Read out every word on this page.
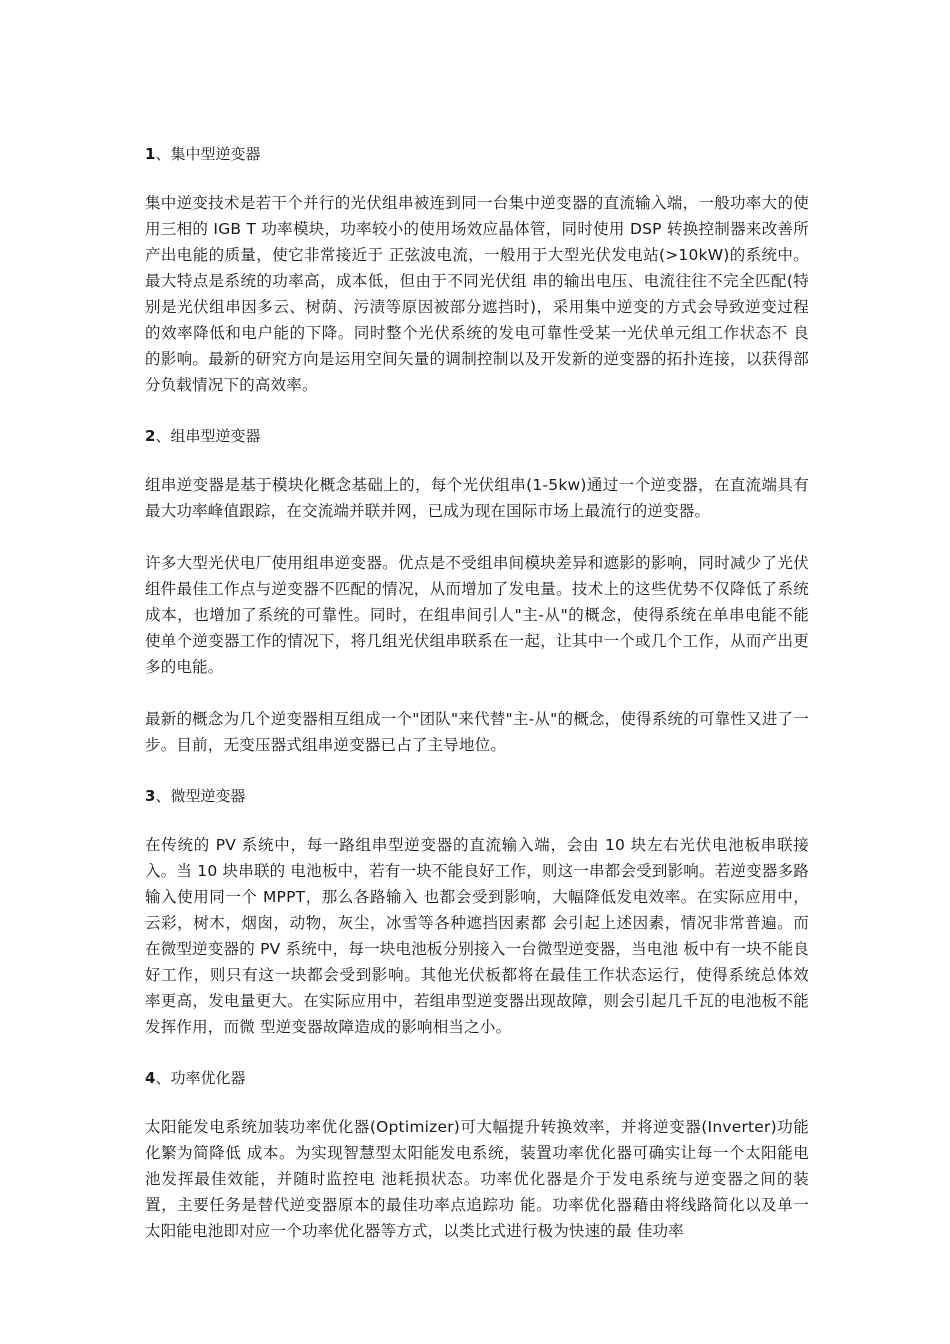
1、集中型逆变器

集中逆变技术是若干个并行的光伏组串被连到同一台集中逆变器的直流输入端，一般功率大的使用三相的 IGB T 功率模块，功率较小的使用场效应晶体管，同时使用 DSP 转换控制器来改善所产出电能的质量，使它非常接近于 正弦波电流，一般用于大型光伏发电站(>10kW)的系统中。最大特点是系统的功率高，成本低，但由于不同光伏组 串的输出电压、电流往往不完全匹配(特别是光伏组串因多云、树荫、污渍等原因被部分遮挡时)，采用集中逆变的方式会导致逆变过程的效率降低和电户能的下降。同时整个光伏系统的发电可靠性受某一光伏单元组工作状态不 良的影响。最新的研究方向是运用空间矢量的调制控制以及开发新的逆变器的拓扑连接，以获得部分负载情况下的高效率。

2、组串型逆变器

组串逆变器是基于模块化概念基础上的，每个光伏组串(1-5kw)通过一个逆变器，在直流端具有最大功率峰值跟踪，在交流端并联并网，已成为现在国际市场上最流行的逆变器。

许多大型光伏电厂使用组串逆变器。优点是不受组串间模块差异和遮影的影响，同时减少了光伏组件最佳工作点与逆变器不匹配的情况，从而增加了发电量。技术上的这些优势不仅降低了系统成本，也增加了系统的可靠性。同时，在组串间引人"主-从"的概念，使得系统在单串电能不能使单个逆变器工作的情况下，将几组光伏组串联系在一起，让其中一个或几个工作，从而产出更多的电能。

最新的概念为几个逆变器相互组成一个"团队"来代替"主-从"的概念，使得系统的可靠性又进了一步。目前，无变压器式组串逆变器已占了主导地位。

3、微型逆变器

在传统的 PV 系统中，每一路组串型逆变器的直流输入端，会由 10 块左右光伏电池板串联接入。当 10 块串联的 电池板中，若有一块不能良好工作，则这一串都会受到影响。若逆变器多路输入使用同一个 MPPT，那么各路输入 也都会受到影响，大幅降低发电效率。在实际应用中，云彩，树木，烟囱，动物，灰尘，冰雪等各种遮挡因素都 会引起上述因素，情况非常普遍。而在微型逆变器的 PV 系统中，每一块电池板分别接入一台微型逆变器，当电池 板中有一块不能良好工作，则只有这一块都会受到影响。其他光伏板都将在最佳工作状态运行，使得系统总体效 率更高，发电量更大。在实际应用中，若组串型逆变器出现故障，则会引起几千瓦的电池板不能发挥作用，而微 型逆变器故障造成的影响相当之小。

4、功率优化器

太阳能发电系统加装功率优化器(Optimizer)可大幅提升转换效率，并将逆变器(Inverter)功能化繁为简降低 成本。为实现智慧型太阳能发电系统，装置功率优化器可确实让每一个太阳能电池发挥最佳效能，并随时监控电 池耗损状态。功率优化器是介于发电系统与逆变器之间的装置，主要任务是替代逆变器原本的最佳功率点追踪功 能。功率优化器藉由将线路简化以及单一太阳能电池即对应一个功率优化器等方式，以类比式进行极为快速的最 佳功率
